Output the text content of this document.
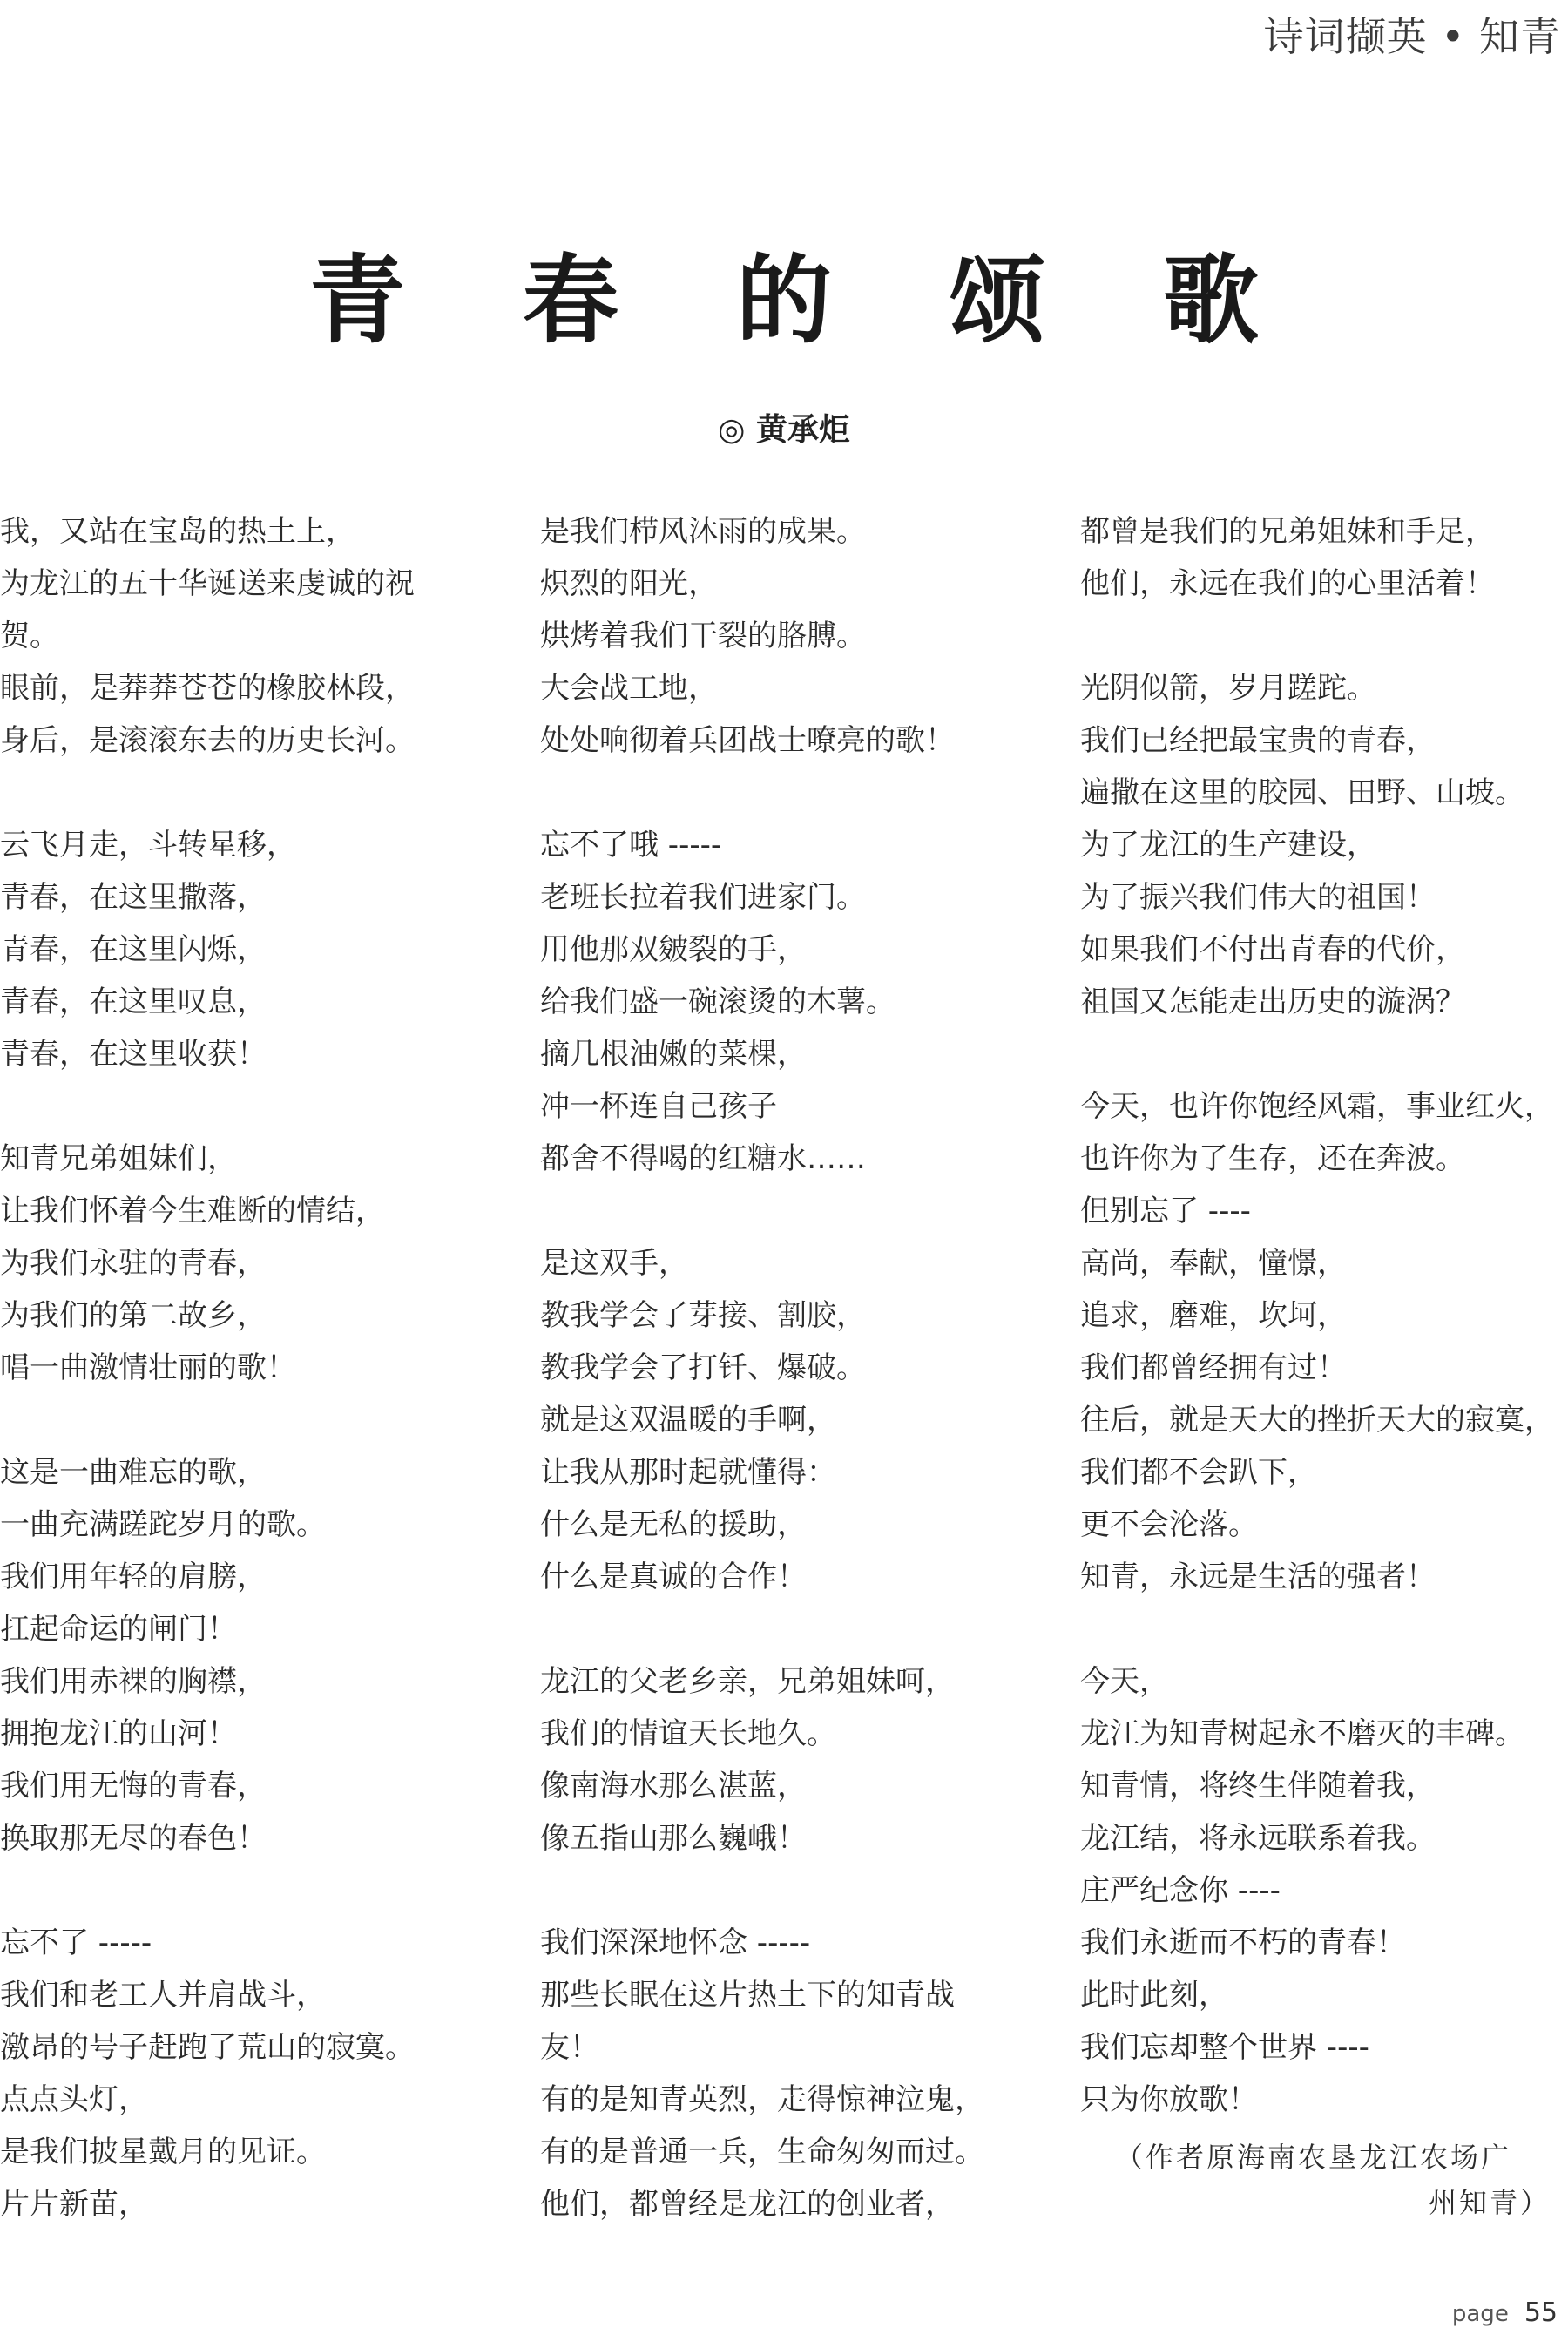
诗词撷英 • 知青
青 春 的 颂 歌
◎ 黄承炬
我，又站在宝岛的热土上，
为龙江的五十华诞送来虔诚的祝
贺。
眼前，是莽莽苍苍的橡胶林段，
身后，是滚滚东去的历史长河。
云飞月走，斗转星移，
青春，在这里撒落，
青春，在这里闪烁，
青春，在这里叹息，
青春，在这里收获！
知青兄弟姐妹们，
让我们怀着今生难断的情结，
为我们永驻的青春，
为我们的第二故乡，
唱一曲激情壮丽的歌！
这是一曲难忘的歌，
一曲充满蹉跎岁月的歌。
我们用年轻的肩膀，
扛起命运的闸门！
我们用赤裸的胸襟，
拥抱龙江的山河！
我们用无悔的青春，
换取那无尽的春色！
忘不了 -----
我们和老工人并肩战斗，
激昂的号子赶跑了荒山的寂寞。
点点头灯，
是我们披星戴月的见证。
片片新苗，
是我们栉风沐雨的成果。
炽烈的阳光，
烘烤着我们干裂的胳膊。
大会战工地，
处处响彻着兵团战士嘹亮的歌！
忘不了哦 -----
老班长拉着我们进家门。
用他那双皴裂的手，
给我们盛一碗滚烫的木薯。
摘几根油嫩的菜棵，
冲一杯连自己孩子
都舍不得喝的红糖水……
是这双手，
教我学会了芽接、割胶，
教我学会了打钎、爆破。
就是这双温暖的手啊，
让我从那时起就懂得：
什么是无私的援助，
什么是真诚的合作！
龙江的父老乡亲，兄弟姐妹呵，
我们的情谊天长地久。
像南海水那么湛蓝，
像五指山那么巍峨！
我们深深地怀念 -----
那些长眠在这片热土下的知青战
友！
有的是知青英烈，走得惊神泣鬼，
有的是普通一兵，生命匆匆而过。
他们，都曾经是龙江的创业者，
都曾是我们的兄弟姐妹和手足，
他们，永远在我们的心里活着！
光阴似箭，岁月蹉跎。
我们已经把最宝贵的青春，
遍撒在这里的胶园、田野、山坡。
为了龙江的生产建设，
为了振兴我们伟大的祖国！
如果我们不付出青春的代价，
祖国又怎能走出历史的漩涡？
今天，也许你饱经风霜，事业红火，
也许你为了生存，还在奔波。
但别忘了 ----
高尚，奉献，憧憬，
追求，磨难，坎坷，
我们都曾经拥有过！
往后，就是天大的挫折天大的寂寞，
我们都不会趴下，
更不会沦落。
知青，永远是生活的强者！
今天，
龙江为知青树起永不磨灭的丰碑。
知青情，将终生伴随着我，
龙江结，将永远联系着我。
庄严纪念你 ----
我们永逝而不朽的青春！
此时此刻，
我们忘却整个世界 ----
只为你放歌！
（作者原海南农垦龙江农场广
州知青）
page 55
